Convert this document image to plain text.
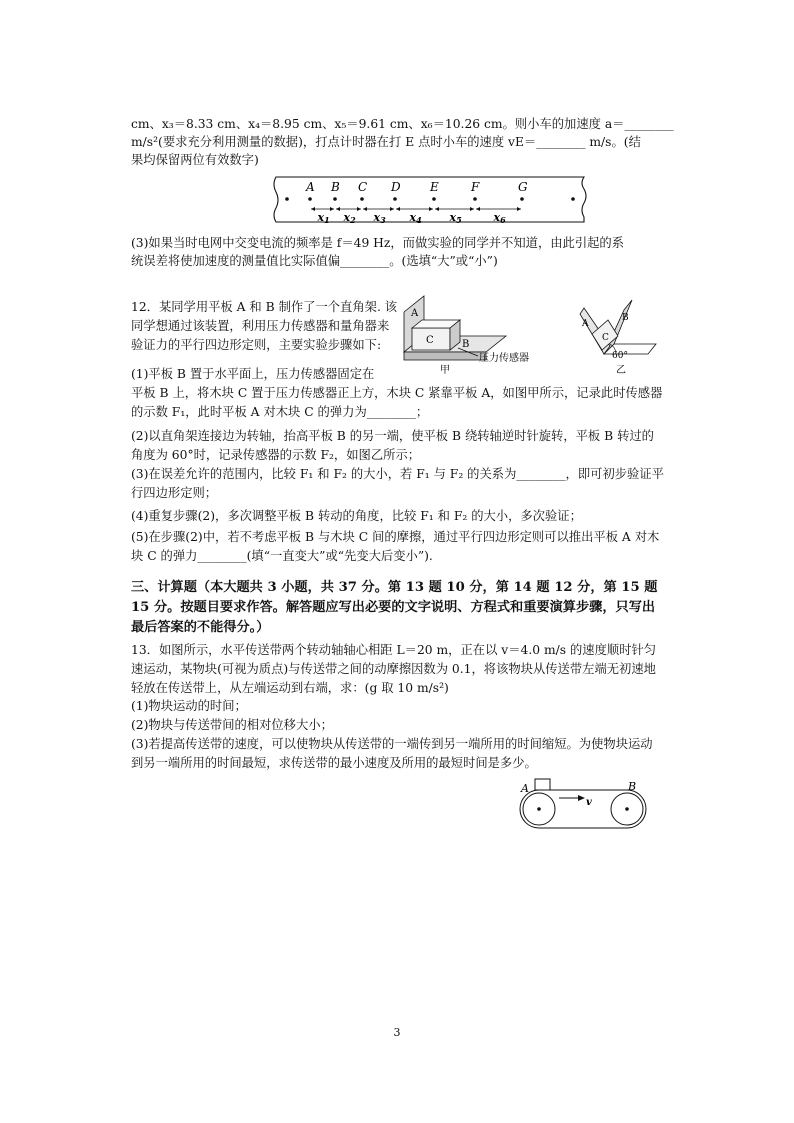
cm、x₃＝8.33 cm、x₄＝8.95 cm、x₅＝9.61 cm、x₆＝10.26 cm。则小车的加速度 a＝________
m/s²(要求充分利用测量的数据)，打点计时器在打 E 点时小车的速度 vE＝________ m/s。(结
果均保留两位有效数字)
A B C D E	F	G
x1 x2 x3 x4	x5	x6
(3)如果当时电网中交变电流的频率是 f＝49 Hz，而做实验的同学并不知道，由此引起的系
统误差将使加速度的测量值比实际值偏________。(选填“大”或“小”)
12．某同学用平板 A 和 B 制作了一个直角架. 该同学想通过该装置，利用压力传感器和量角器来验证力的平行四边形定则，主要实验步骤如下:
(1)平板 B 置于水平面上，压力传感器固定在
平板 B 上，将木块 C 置于压力传感器正上方，木块 C 紧靠平板 A，如图甲所示，记录此时传感器的示数 F₁，此时平板 A 对木块 C 的弹力为________；
(2)以直角架连接边为转轴，抬高平板 B 的另一端，使平板 B 绕转轴逆时针旋转，平板 B 转过的角度为 60°时，记录传感器的示数 F₂，如图乙所示；
(3)在误差允许的范围内，比较 F₁ 和 F₂ 的大小，若 F₁ 与 F₂ 的关系为________，即可初步验证平行四边形定则；
(4)重复步骤(2)，多次调整平板 B 转动的角度，比较 F₁ 和 F₂ 的大小，多次验证；
(5)在步骤(2)中，若不考虑平板 B 与木块 C 间的摩擦，通过平行四边形定则可以推出平板 A 对木块 C 的弹力________(填“一直变大”或“先变大后变小”).
A
C	B
压力传感器
甲
A
C
B
60°
乙
三、计算题（本大题共 3 小题，共 37 分。第 13 题 10 分，第 14 题 12 分，第 15 题 15 分。按题目要求作答。解答题应写出必要的文字说明、方程式和重要演算步骤，只写出最后答案的不能得分。）
13．如图所示，水平传送带两个转动轴轴心相距 L＝20 m，正在以 v＝4.0 m/s 的速度顺时针匀速运动，某物块(可视为质点)与传送带之间的动摩擦因数为 0.1，将该物块从传送带左端无初速地轻放在传送带上，从左端运动到右端，求：(g 取 10 m/s²)
(1)物块运动的时间；
(2)物块与传送带间的相对位移大小；
(3)若提高传送带的速度，可以使物块从传送带的一端传到另一端所用的时间缩短。为使物块运动到另一端所用的时间最短，求传送带的最小速度及所用的最短时间是多少。
A	B
v
3
